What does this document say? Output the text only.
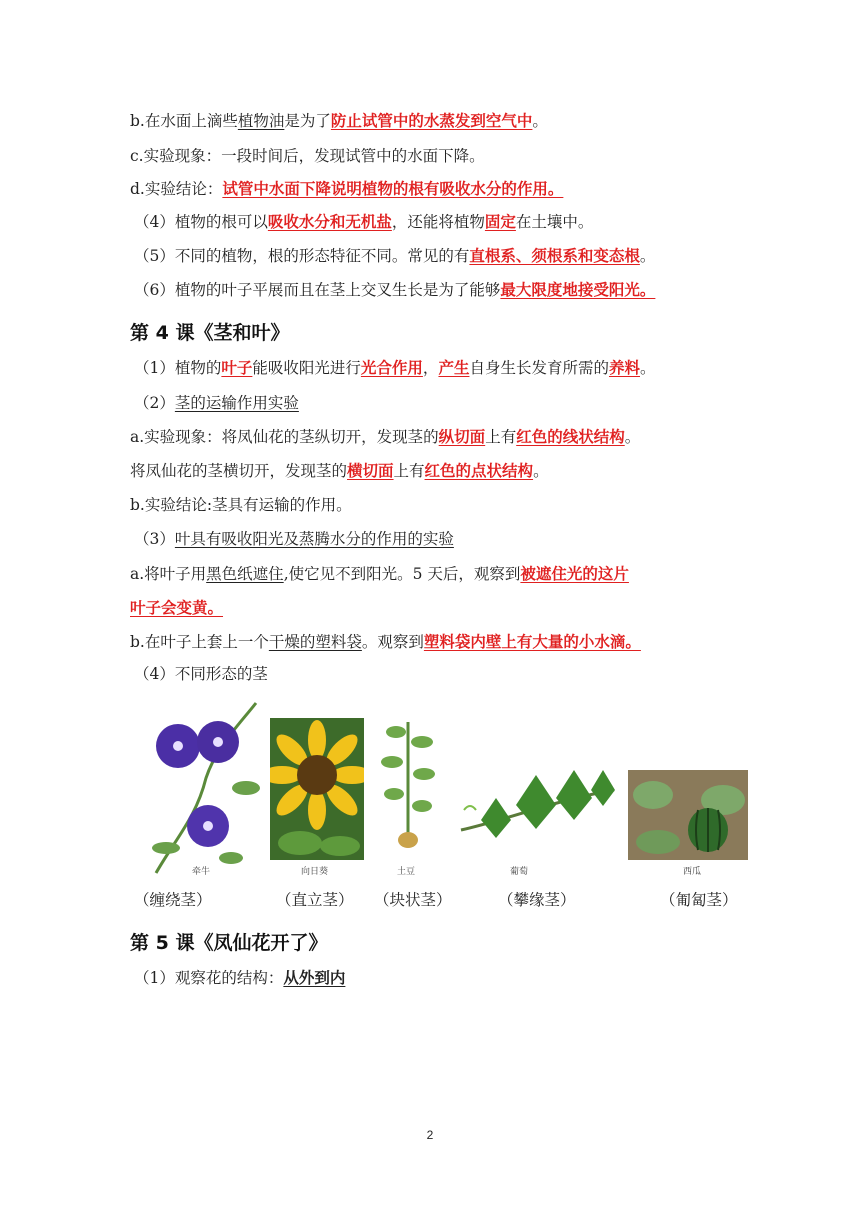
b.在水面上滴些植物油是为了防止试管中的水蒸发到空气中。
c.实验现象：一段时间后，发现试管中的水面下降。
d.实验结论：试管中水面下降说明植物的根有吸收水分的作用。
（4）植物的根可以吸收水分和无机盐，还能将植物固定在土壤中。
（5）不同的植物，根的形态特征不同。常见的有直根系、须根系和变态根。
（6）植物的叶子平展而且在茎上交叉生长是为了能够最大限度地接受阳光。
第 4 课《茎和叶》
（1）植物的叶子能吸收阳光进行光合作用，产生自身生长发育所需的养料。
（2）茎的运输作用实验
a.实验现象：将凤仙花的茎纵切开，发现茎的纵切面上有红色的线状结构。
将凤仙花的茎横切开，发现茎的横切面上有红色的点状结构。
b.实验结论:茎具有运输的作用。
（3）叶具有吸收阳光及蒸腾水分的作用的实验
a.将叶子用黑色纸遮住,使它见不到阳光。5 天后，观察到被遮住光的这片
叶子会变黄。
b.在叶子上套上一个干燥的塑料袋。观察到塑料袋内壁上有大量的小水滴。
（4）不同形态的茎
牵牛	向日葵	土豆	葡萄	西瓜
（缠绕茎）	（直立茎） （块状茎）	（攀缘茎）	（匍匐茎）
第 5 课《凤仙花开了》
（1）观察花的结构：从外到内
2
